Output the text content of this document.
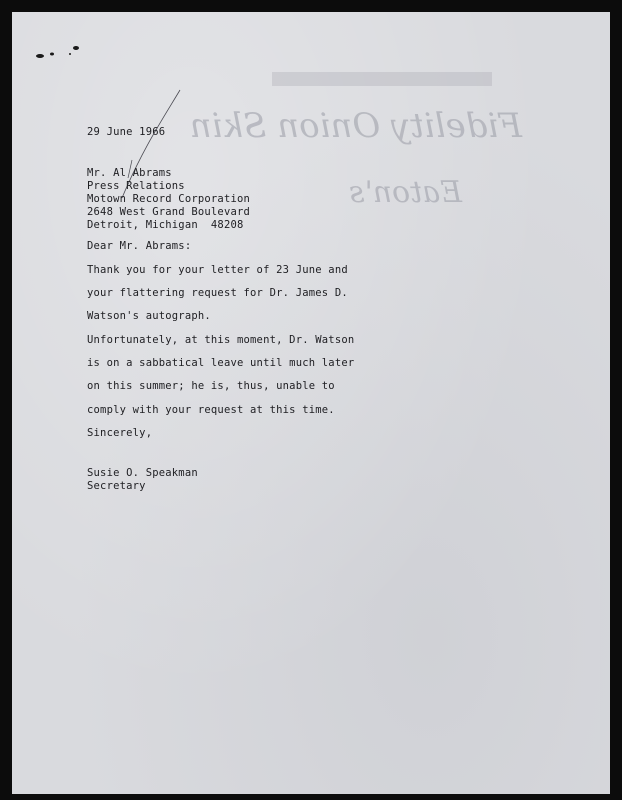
Fidelity Onion Skin
Eaton's
29 June 1966

Mr. Al Abrams

Press Relations

Motown Record Corporation

2648 West Grand Boulevard

Detroit, Michigan  48208

Dear Mr. Abrams:

Thank you for your letter of 23 June and

your flattering request for Dr. James D.

Watson's autograph.

Unfortunately, at this moment, Dr. Watson

is on a sabbatical leave until much later

on this summer; he is, thus, unable to

comply with your request at this time.

Sincerely,
Susie O. Speakman
Secretary
